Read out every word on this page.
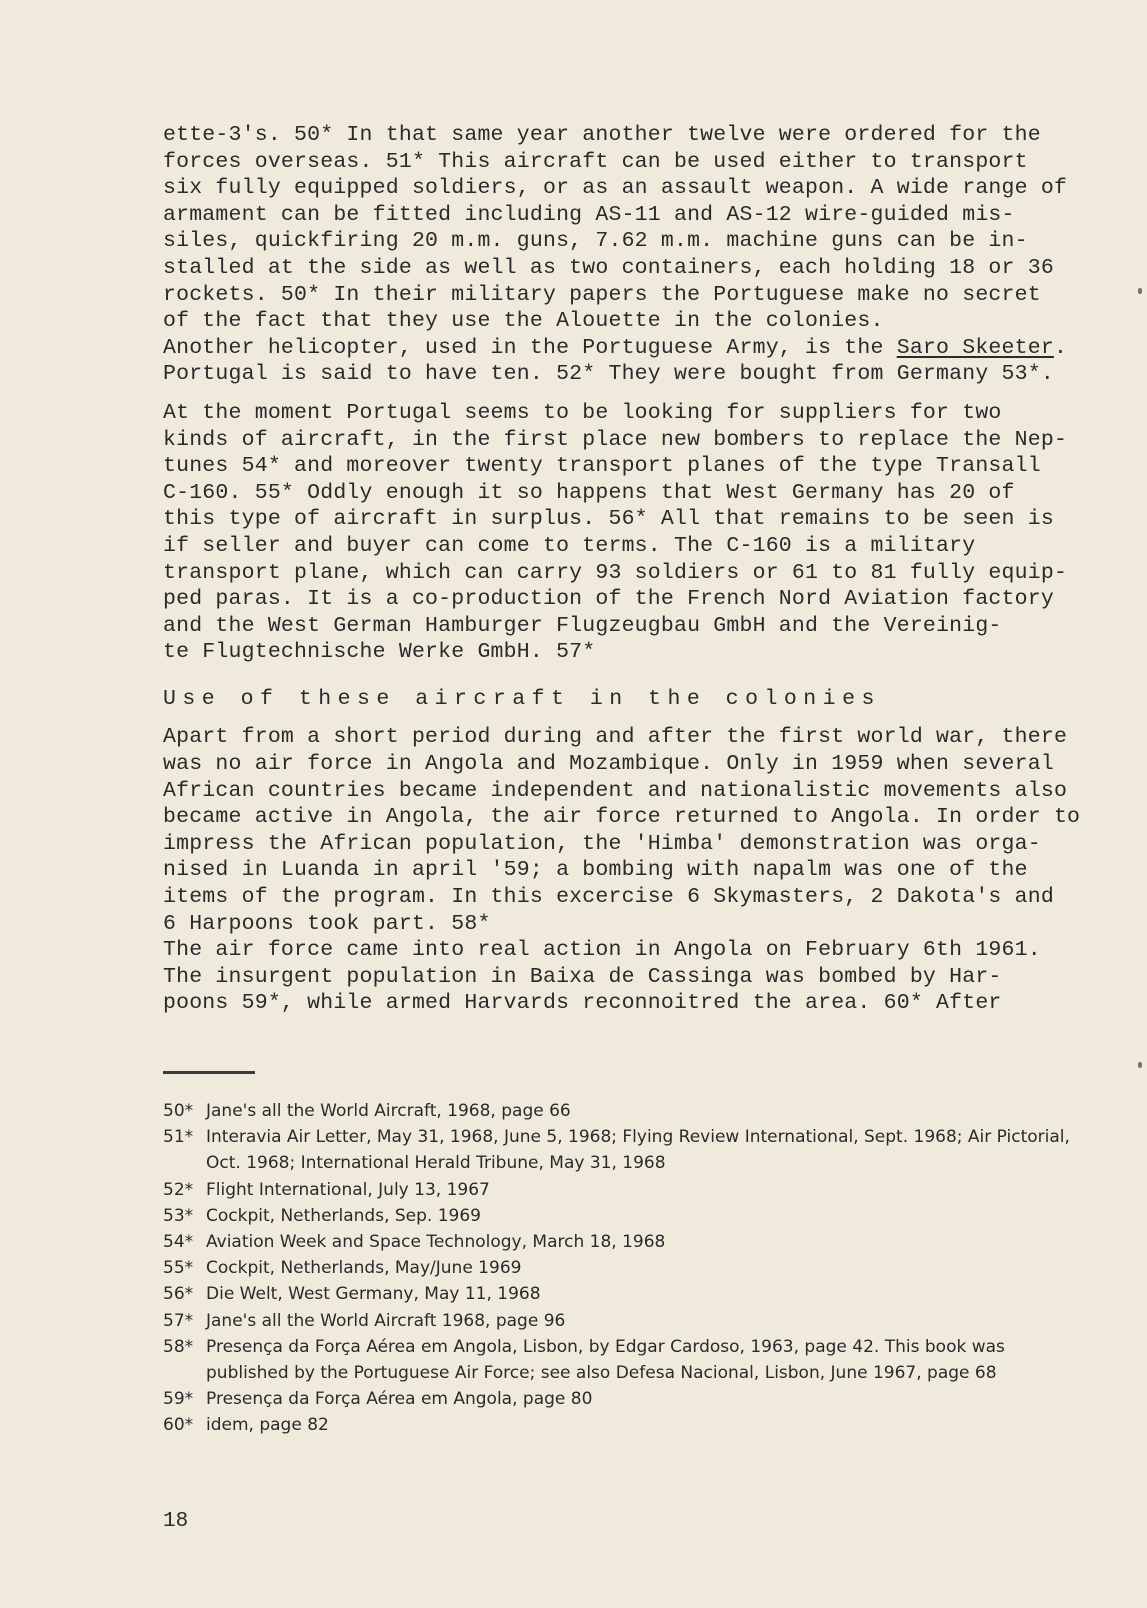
ette-3's. 50* In that same year another twelve were ordered for the
forces overseas. 51* This aircraft can be used either to transport
six fully equipped soldiers, or as an assault weapon. A wide range of
armament can be fitted including AS-11 and AS-12 wire-guided mis-
siles, quickfiring 20 m.m. guns, 7.62 m.m. machine guns can be in-
stalled at the side as well as two containers, each holding 18 or 36
rockets. 50* In their military papers the Portuguese make no secret
of the fact that they use the Alouette in the colonies.
Another helicopter, used in the Portuguese Army, is the Saro Skeeter.
Portugal is said to have ten. 52* They were bought from Germany 53*.
At the moment Portugal seems to be looking for suppliers for two
kinds of aircraft, in the first place new bombers to replace the Nep-
tunes 54* and moreover twenty transport planes of the type Transall
C-160. 55* Oddly enough it so happens that West Germany has 20 of
this type of aircraft in surplus. 56* All that remains to be seen is
if seller and buyer can come to terms. The C-160 is a military
transport plane, which can carry 93 soldiers or 61 to 81 fully equip-
ped paras. It is a co-production of the French Nord Aviation factory
and the West German Hamburger Flugzeugbau GmbH and the Vereinig-
te Flugtechnische Werke GmbH. 57*
Use of these aircraft in the colonies
Apart from a short period during and after the first world war, there
was no air force in Angola and Mozambique. Only in 1959 when several
African countries became independent and nationalistic movements also
became active in Angola, the air force returned to Angola. In order to
impress the African population, the 'Himba' demonstration was orga-
nised in Luanda in april '59; a bombing with napalm was one of the
items of the program. In this excercise 6 Skymasters, 2 Dakota's and
6 Harpoons took part. 58*
The air force came into real action in Angola on February 6th 1961.
The insurgent population in Baixa de Cassinga was bombed by Har-
poons 59*, while armed Harvards reconnoitred the area. 60* After
50* Jane's all the World Aircraft, 1968, page 66
51* Interavia Air Letter, May 31, 1968, June 5, 1968; Flying Review International, Sept. 1968; Air Pictorial, Oct. 1968; International Herald Tribune, May 31, 1968
52* Flight International, July 13, 1967
53* Cockpit, Netherlands, Sep. 1969
54* Aviation Week and Space Technology, March 18, 1968
55* Cockpit, Netherlands, May/June 1969
56* Die Welt, West Germany, May 11, 1968
57* Jane's all the World Aircraft 1968, page 96
58* Presença da Força Aérea em Angola, Lisbon, by Edgar Cardoso, 1963, page 42. This book was published by the Portuguese Air Force; see also Defesa Nacional, Lisbon, June 1967, page 68
59* Presença da Força Aérea em Angola, page 80
60* idem, page 82
18
